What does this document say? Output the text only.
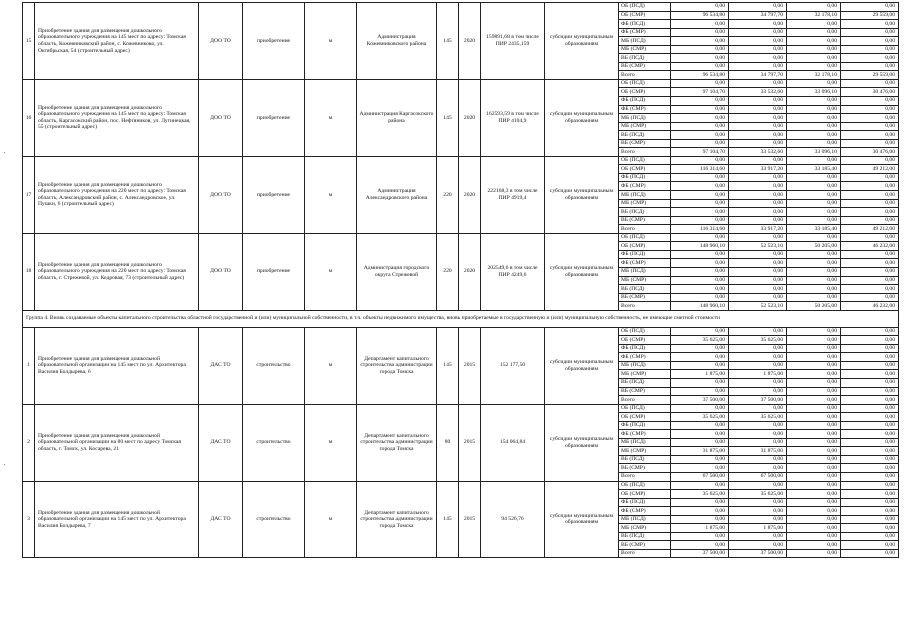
15	Приобретение здания для размещения дошкольного образовательного учреждения на 145 мест по адресу: Томская область, Кожевниковский район, с. Кожевниково, ул. Октябрьская, 54 (строительный адрес)	ДОО ТО	приобретение	м	Администрация Кожевниковского района	145	2020	159891,68 в том числе ПИР 2435,159	субсидии муниципальным образованиям	ОБ (ПСД)	0,00	0,00	0,00	0,00
										ОБ (СМР)	96 534,80	34 797,70	32 178,10	29 559,00
										ФБ (ПСД)	0,00	0,00	0,00	0,00
										ФБ (СМР)	0,00	0,00	0,00	0,00
										МБ (ПСД)	0,00	0,00	0,00	0,00
										МБ (СМР)	0,00	0,00	0,00	0,00
										ВБ (ПСД)	0,00	0,00	0,00	0,00
										ВБ (СМР)	0,00	0,00	0,00	0,00
										Всего	96 534,80	34 797,70	32 178,10	29 559,00
16	Приобретение здания для размещения дошкольного образовательного учреждения на 145 мест по адресу: Томская область, Каргасокский район, пос. Нефтяников, ул. Лугинецкая, 55 (строительный адрес)	ДОО ТО	приобретение	м	Администрация Каргасокского района	145	2020	162593,59 в том числе ПИР 4104,9	субсидии муниципальным образованиям	ОБ (ПСД)	0,00	0,00	0,00	0,00
										ОБ (СМР)	97 104,70	33 532,60	33 096,10	30 476,00
										ФБ (ПСД)	0,00	0,00	0,00	0,00
										ФБ (СМР)	0,00	0,00	0,00	0,00
										МБ (ПСД)	0,00	0,00	0,00	0,00
										МБ (СМР)	0,00	0,00	0,00	0,00
										ВБ (ПСД)	0,00	0,00	0,00	0,00
										ВБ (СМР)	0,00	0,00	0,00	0,00
										Всего	97 104,70	33 532,60	33 096,10	30 476,00
17	Приобретение здания для размещения дошкольного образовательного учреждения на 220 мест по адресу: Томская область, Александровский район, с. Александровское, ул. Пушки, 6 (строительный адрес)	ДОО ТО	приобретение	м	Администрация Александровского района	220	2020	222168,3 в том числе ПИР 4919,4	субсидии муниципальным образованиям	ОБ (ПСД)	0,00	0,00	0,00	0,00
										ОБ (СМР)	116 314,60	33 917,20	33 185,40	49 212,00
										ФБ (ПСД)	0,00	0,00	0,00	0,00
										ФБ (СМР)	0,00	0,00	0,00	0,00
										МБ (ПСД)	0,00	0,00	0,00	0,00
										МБ (СМР)	0,00	0,00	0,00	0,00
										ВБ (ПСД)	0,00	0,00	0,00	0,00
										ВБ (СМР)	0,00	0,00	0,00	0,00
										Всего	116 314,60	33 917,20	33 185,40	49 212,00
18	Приобретение здания для размещения дошкольного образовательного учреждения на 220 мест по адресу: Томская область, г. Стрежевой, ул. Кедровая, 73 (строительный адрес)	ДОО ТО	приобретение	м	Администрация городского округа Стрежевой	220	2020	202549,6 в том числе ПИР 4249,6	субсидии муниципальным образованиям	ОБ (ПСД)	0,00	0,00	0,00	0,00
										ОБ (СМР)	148 960,10	52 523,10	50 205,00	46 232,00
										ФБ (ПСД)	0,00	0,00	0,00	0,00
										ФБ (СМР)	0,00	0,00	0,00	0,00
										МБ (ПСД)	0,00	0,00	0,00	0,00
										МБ (СМР)	0,00	0,00	0,00	0,00
										ВБ (ПСД)	0,00	0,00	0,00	0,00
										ВБ (СМР)	0,00	0,00	0,00	0,00
										Всего	148 960,10	52 523,10	50 205,00	46 232,00
Группа 4. Вновь создаваемые объекты капитального строительства областной государственной и (или) муниципальной собственности, в т.ч. объекты недвижимого имущества, вновь приобретаемые в государственную и (или) муниципальную собственность, не имеющие сметной стоимости														
1	Приобретение здания для размещения дошкольной образовательной организации на 145 мест по ул. Архитектора Василия Болдырева, 6	ДАС ТО	строительство	м	Департамент капитального строительства администрации города Томска	145	2015	152 177,50	субсидии муниципальным образованиям	ОБ (ПСД)	0,00	0,00	0,00	0,00
										ОБ (СМР)	35 625,00	35 625,00	0,00	0,00
										ФБ (ПСД)	0,00	0,00	0,00	0,00
										ФБ (СМР)	0,00	0,00	0,00	0,00
										МБ (ПСД)	0,00	0,00	0,00	0,00
										МБ (СМР)	1 875,00	1 875,00	0,00	0,00
										ВБ (ПСД)	0,00	0,00	0,00	0,00
										ВБ (СМР)	0,00	0,00	0,00	0,00
										Всего	37 500,00	37 500,00	0,00	0,00
2	Приобретение здания для размещения дошкольной образовательной организации на 80 мест по адресу Томская область, г. Томск, ул. Косарева, 21	ДАС ТО	строительство	м	Департамент капитального строительства администрации города Томска	80	2015	154 064,84	субсидии муниципальным образованиям	ОБ (ПСД)	0,00	0,00	0,00	0,00
										ОБ (СМР)	35 625,00	35 625,00	0,00	0,00
										ФБ (ПСД)	0,00	0,00	0,00	0,00
										ФБ (СМР)	0,00	0,00	0,00	0,00
										МБ (ПСД)	0,00	0,00	0,00	0,00
										МБ (СМР)	31 875,00	31 875,00	0,00	0,00
										ВБ (ПСД)	0,00	0,00	0,00	0,00
										ВБ (СМР)	0,00	0,00	0,00	0,00
										Всего	67 500,00	67 500,00	0,00	0,00
3	Приобретение здания для размещения дошкольной образовательной организации на 145 мест по ул. Архитектора Василия Болдырева, 7	ДАС ТО	строительство	м	Департамент капитального строительства администрации города Томска	145	2015	94 526,76	субсидии муниципальным образованиям	ОБ (ПСД)	0,00	0,00	0,00	0,00
										ОБ (СМР)	35 625,00	35 625,00	0,00	0,00
										ФБ (ПСД)	0,00	0,00	0,00	0,00
										ФБ (СМР)	0,00	0,00	0,00	0,00
										МБ (ПСД)	0,00	0,00	0,00	0,00
										МБ (СМР)	1 875,00	1 875,00	0,00	0,00
										ВБ (ПСД)	0,00	0,00	0,00	0,00
										ВБ (СМР)	0,00	0,00	0,00	0,00
										Всего	37 500,00	37 500,00	0,00	0,00
